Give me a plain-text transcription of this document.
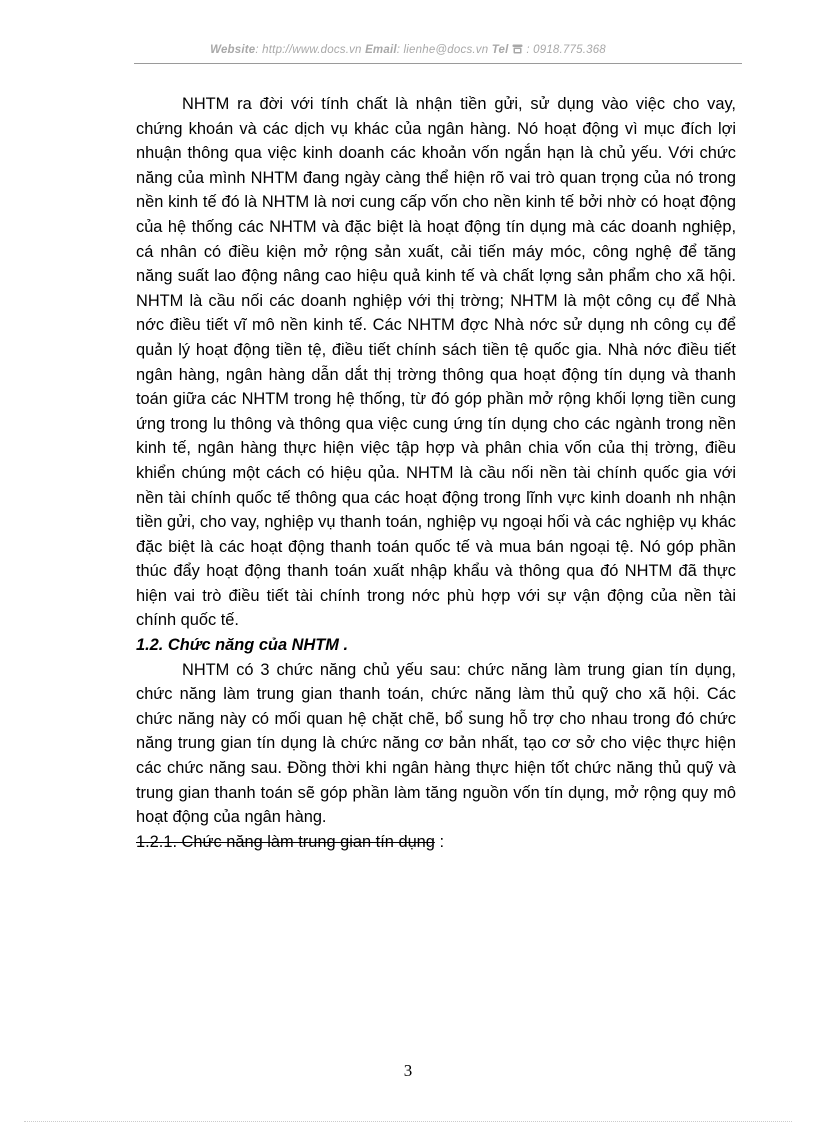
Website: http://www.docs.vn Email: lienhe@docs.vn Tel : 0918.775.368

NHTM ra đời với tính chất là nhận tiền gửi, sử dụng vào việc cho vay, chứng khoán và các dịch vụ khác của ngân hàng. Nó hoạt động vì mục đích lợi nhuận thông qua việc kinh doanh các khoản vốn ngắn hạn là chủ yếu. Với chức năng của mình NHTM đang ngày càng thể hiện rõ vai trò quan trọng của nó trong nền kinh tế đó là NHTM là nơi cung cấp vốn cho nền kinh tế bởi nhờ có hoạt động của hệ thống các NHTM và đặc biệt là hoạt động tín dụng mà các doanh nghiệp, cá nhân có điều kiện mở rộng sản xuất, cải tiến máy móc, công nghệ để tăng năng suất lao động nâng cao hiệu quả kinh tế và chất lợng sản phẩm cho xã hội. NHTM là cầu nối các doanh nghiệp với thị trờng; NHTM là một công cụ để Nhà nớc điều tiết vĩ mô nền kinh tế. Các NHTM đợc Nhà nớc sử dụng nh công cụ để quản lý hoạt động tiền tệ, điều tiết chính sách tiền tệ quốc gia. Nhà nớc điều tiết ngân hàng, ngân hàng dẫn dắt thị trờng thông qua hoạt động tín dụng và thanh toán giữa các NHTM trong hệ thống, từ đó góp phần mở rộng khối lợng tiền cung ứng trong lu thông và thông qua việc cung ứng tín dụng cho các ngành trong nền kinh tế, ngân hàng thực hiện việc tập hợp và phân chia vốn của thị trờng, điều khiển chúng một cách có hiệu qủa. NHTM là cầu nối nền tài chính quốc gia với nền tài chính quốc tế thông qua các hoạt động trong lĩnh vực kinh doanh nh nhận tiền gửi, cho vay, nghiệp vụ thanh toán, nghiệp vụ ngoại hối và các nghiệp vụ khác đặc biệt là các hoạt động thanh toán quốc tế và mua bán ngoại tệ. Nó góp phần thúc đẩy hoạt động thanh toán xuất nhập khẩu và thông qua đó NHTM đã thực hiện vai trò điều tiết tài chính trong nớc phù hợp với sự vận động của nền tài chính quốc tế.

1.2. Chức năng của NHTM .

NHTM có 3 chức năng chủ yếu sau: chức năng làm trung gian tín dụng, chức năng làm trung gian thanh toán, chức năng làm thủ quỹ cho xã hội. Các chức năng này có mối quan hệ chặt chẽ, bổ sung hỗ trợ cho nhau trong đó chức năng trung gian tín dụng là chức năng cơ bản nhất, tạo cơ sở cho việc thực hiện các chức năng sau. Đồng thời khi ngân hàng thực hiện tốt chức năng thủ quỹ và trung gian thanh toán sẽ góp phần làm tăng nguồn vốn tín dụng, mở rộng quy mô hoạt động của ngân hàng.

1.2.1. Chức năng làm trung gian tín dụng :

3
